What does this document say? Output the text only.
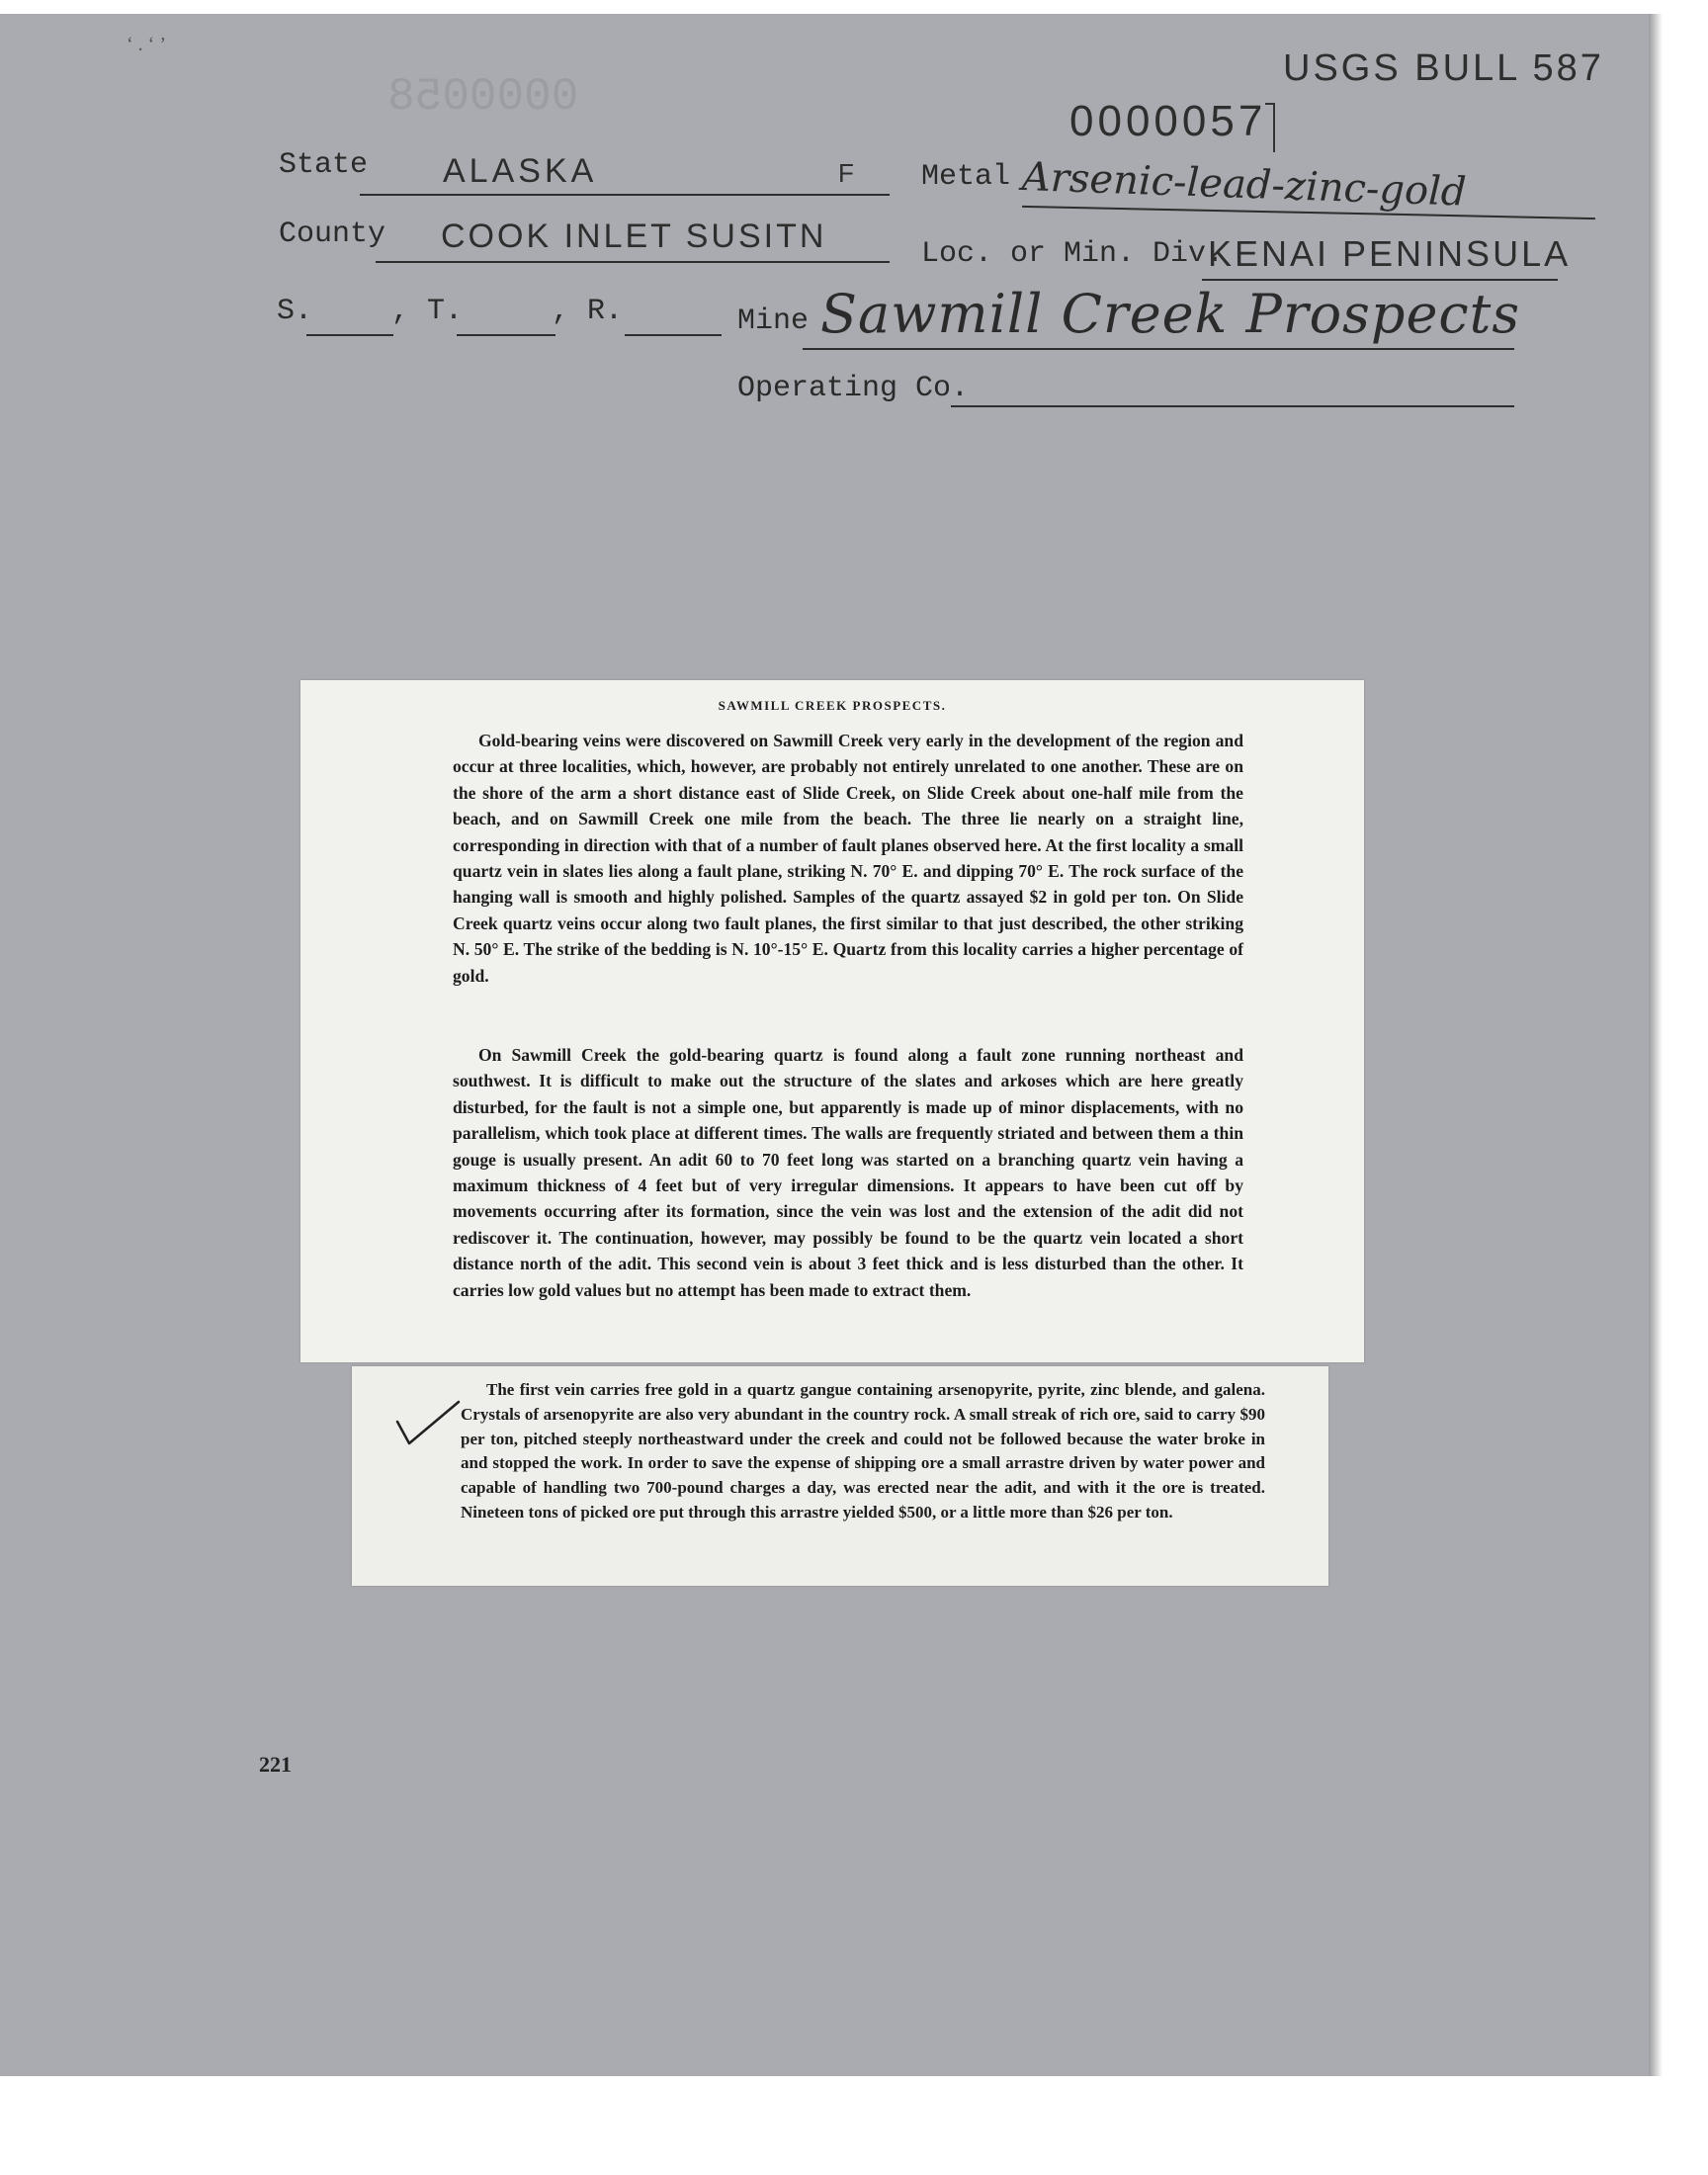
0000058
‘ . ‘ ’
USGS BULL 587
0000057
State ALASKA	F Metal Arsenic-lead-zinc-gold
County COOK INLET SUSITN	Loc. or Min. Div.
KENAI PENINSULA
S.	, T.	, R.	Mine Sawmill Creek Prospects
Operating Co.
SAWMILL CREEK PROSPECTS.

Gold-bearing veins were discovered on Sawmill Creek very early in the development of the region and occur at three localities, which, however, are probably not entirely unrelated to one another. These are on the shore of the arm a short distance east of Slide Creek, on Slide Creek about one-half mile from the beach, and on Sawmill Creek one mile from the beach. The three lie nearly on a straight line, corresponding in direction with that of a number of fault planes observed here. At the first locality a small quartz vein in slates lies along a fault plane, striking N. 70° E. and dipping 70° E. The rock surface of the hanging wall is smooth and highly polished. Samples of the quartz assayed $2 in gold per ton. On Slide Creek quartz veins occur along two fault planes, the first similar to that just described, the other striking N. 50° E. The strike of the bedding is N. 10°-15° E. Quartz from this locality carries a higher percentage of gold.

On Sawmill Creek the gold-bearing quartz is found along a fault zone running northeast and southwest. It is difficult to make out the structure of the slates and arkoses which are here greatly disturbed, for the fault is not a simple one, but apparently is made up of minor displacements, with no parallelism, which took place at different times. The walls are frequently striated and between them a thin gouge is usually present. An adit 60 to 70 feet long was started on a branching quartz vein having a maximum thickness of 4 feet but of very irregular dimensions. It appears to have been cut off by movements occurring after its formation, since the vein was lost and the extension of the adit did not rediscover it. The continuation, however, may possibly be found to be the quartz vein located a short distance north of the adit. This second vein is about 3 feet thick and is less disturbed than the other. It carries low gold values but no attempt has been made to extract them.

The first vein carries free gold in a quartz gangue containing arsenopyrite, pyrite, zinc blende, and galena. Crystals of arsenopyrite are also very abundant in the country rock. A small streak of rich ore, said to carry $90 per ton, pitched steeply northeastward under the creek and could not be followed because the water broke in and stopped the work. In order to save the expense of shipping ore a small arrastre driven by water power and capable of handling two 700-pound charges a day, was erected near the adit, and with it the ore is treated. Nineteen tons of picked ore put through this arrastre yielded $500, or a little more than $26 per ton.

221
